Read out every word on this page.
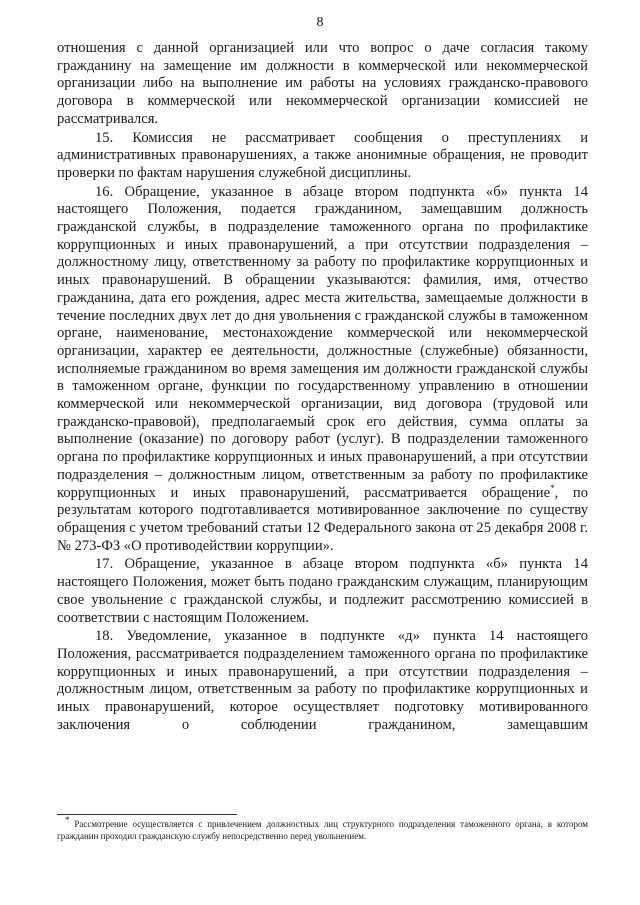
8

отношения с данной организацией или что вопрос о даче согласия такому гражданину на замещение им должности в коммерческой или некоммерческой организации либо на выполнение им работы на условиях гражданско-правового договора в коммерческой или некоммерческой организации комиссией не рассматривался.

15. Комиссия не рассматривает сообщения о преступлениях и административных правонарушениях, а также анонимные обращения, не проводит проверки по фактам нарушения служебной дисциплины.

16. Обращение, указанное в абзаце втором подпункта «б» пункта 14 настоящего Положения, подается гражданином, замещавшим должность гражданской службы, в подразделение таможенного органа по профилактике коррупционных и иных правонарушений, а при отсутствии подразделения – должностному лицу, ответственному за работу по профилактике коррупционных и иных правонарушений. В обращении указываются: фамилия, имя, отчество гражданина, дата его рождения, адрес места жительства, замещаемые должности в течение последних двух лет до дня увольнения с гражданской службы в таможенном органе, наименование, местонахождение коммерческой или некоммерческой организации, характер ее деятельности, должностные (служебные) обязанности, исполняемые гражданином во время замещения им должности гражданской службы в таможенном органе, функции по государственному управлению в отношении коммерческой или некоммерческой организации, вид договора (трудовой или гражданско-правовой), предполагаемый срок его действия, сумма оплаты за выполнение (оказание) по договору работ (услуг). В подразделении таможенного органа по профилактике коррупционных и иных правонарушений, а при отсутствии подразделения – должностным лицом, ответственным за работу по профилактике коррупционных и иных правонарушений, рассматривается обращение*, по результатам которого подготавливается мотивированное заключение по существу обращения с учетом требований статьи 12 Федерального закона от 25 декабря 2008 г. № 273-ФЗ «О противодействии коррупции».

17. Обращение, указанное в абзаце втором подпункта «б» пункта 14 настоящего Положения, может быть подано гражданским служащим, планирующим свое увольнение с гражданской службы, и подлежит рассмотрению комиссией в соответствии с настоящим Положением.

18. Уведомление, указанное в подпункте «д» пункта 14 настоящего Положения, рассматривается подразделением таможенного органа по профилактике коррупционных и иных правонарушений, а при отсутствии подразделения – должностным лицом, ответственным за работу по профилактике коррупционных и иных правонарушений, которое осуществляет подготовку мотивированного заключения о соблюдении гражданином, замещавшим

* Рассмотрение осуществляется с привлечением должностных лиц структурного подразделения таможенного органа, в котором гражданин проходил гражданскую службу непосредственно перед увольнением.
